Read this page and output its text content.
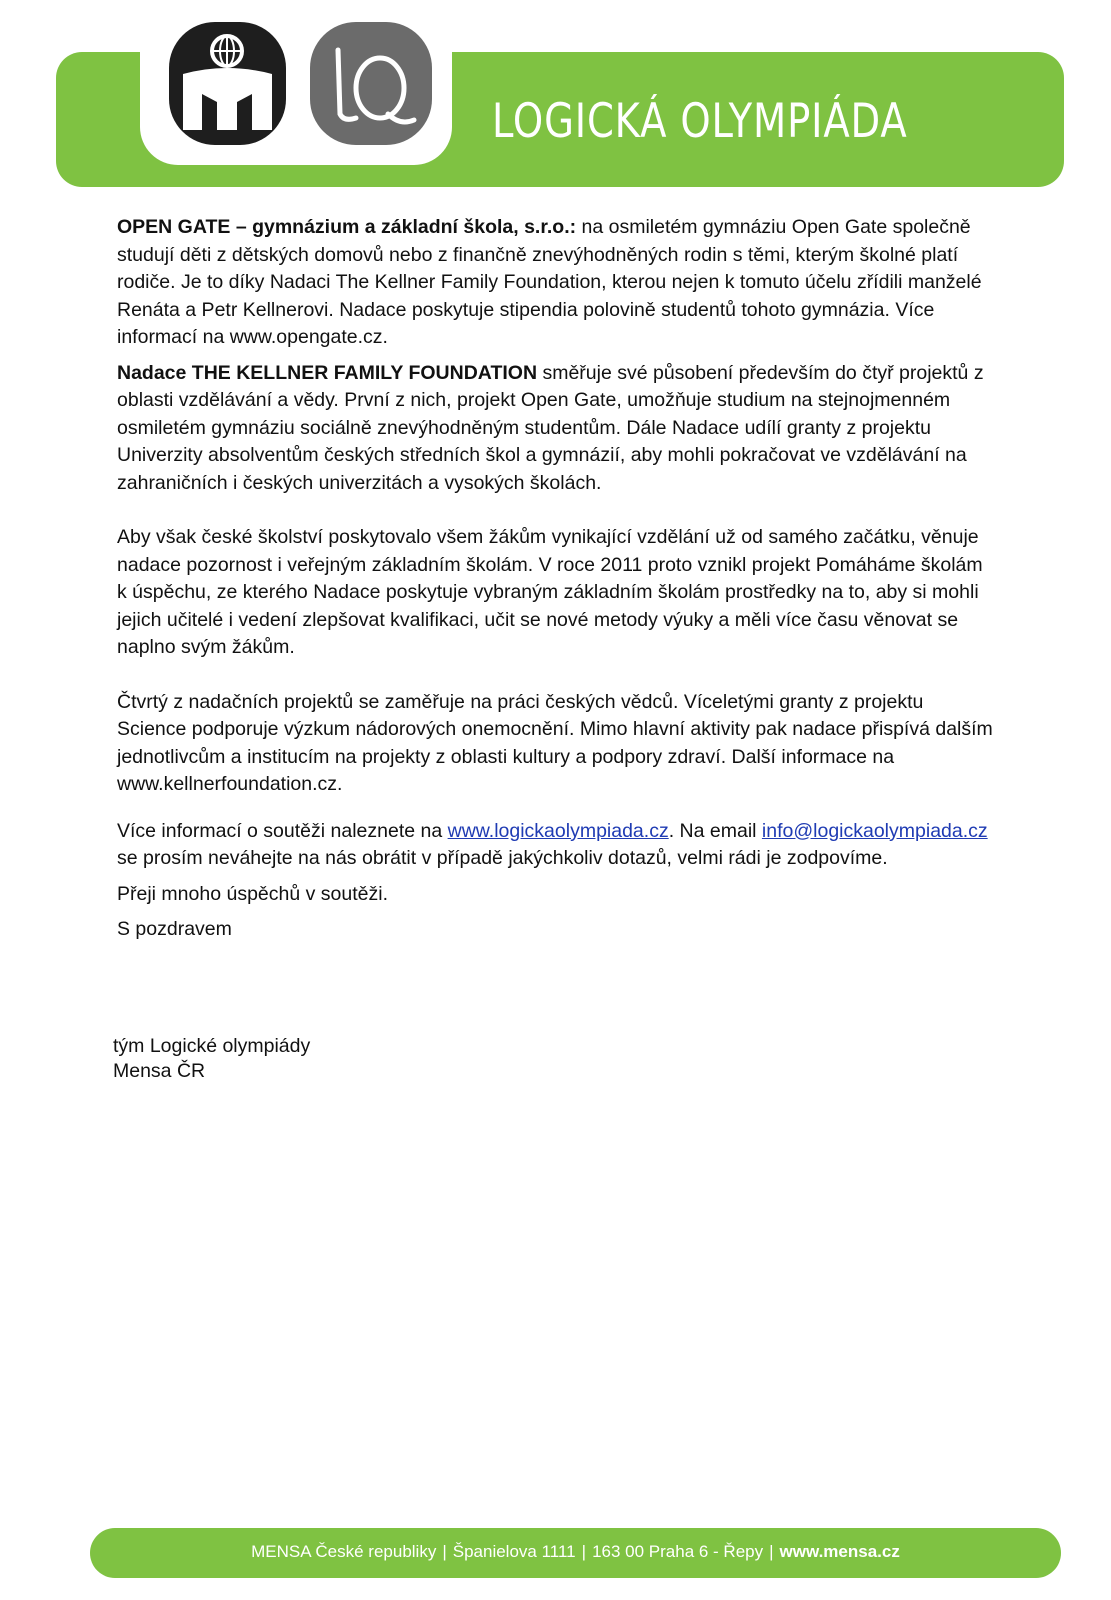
LOGICKÁ OLYMPIÁDA

OPEN GATE – gymnázium a základní škola, s.r.o.: na osmiletém gymnáziu Open Gate společně studují děti z dětských domovů nebo z finančně znevýhodněných rodin s těmi, kterým školné platí rodiče. Je to díky Nadaci The Kellner Family Foundation, kterou nejen k tomuto účelu zřídili manželé Renáta a Petr Kellnerovi. Nadace poskytuje stipendia polovině studentů tohoto gymnázia. Více informací na www.opengate.cz.

Nadace THE KELLNER FAMILY FOUNDATION směřuje své působení především do čtyř projektů z oblasti vzdělávání a vědy. První z nich, projekt Open Gate, umožňuje studium na stejnojmenném osmiletém gymnáziu sociálně znevýhodněným studentům. Dále Nadace udílí granty z projektu Univerzity absolventům českých středních škol a gymnázií, aby mohli pokračovat ve vzdělávání na zahraničních i českých univerzitách a vysokých školách.

Aby však české školství poskytovalo všem žákům vynikající vzdělání už od samého začátku, věnuje nadace pozornost i veřejným základním školám. V roce 2011 proto vznikl projekt Pomáháme školám k úspěchu, ze kterého Nadace poskytuje vybraným základním školám prostředky na to, aby si mohli jejich učitelé i vedení zlepšovat kvalifikaci, učit se nové metody výuky a měli více času věnovat se naplno svým žákům.

Čtvrtý z nadačních projektů se zaměřuje na práci českých vědců. Víceletými granty z projektu Science podporuje výzkum nádorových onemocnění. Mimo hlavní aktivity pak nadace přispívá dalším jednotlivcům a institucím na projekty z oblasti kultury a podpory zdraví. Další informace na www.kellnerfoundation.cz.

Více informací o soutěži naleznete na www.logickaolympiada.cz. Na email info@logickaolympiada.cz se prosím neváhejte na nás obrátit v případě jakýchkoliv dotazů, velmi rádi je zodpovíme.

Přeji mnoho úspěchů v soutěži.

S pozdravem

tým Logické olympiády
Mensa ČR
MENSA České republiky | Španielova 1111 | 163 00 Praha 6 - Řepy | www.mensa.cz
